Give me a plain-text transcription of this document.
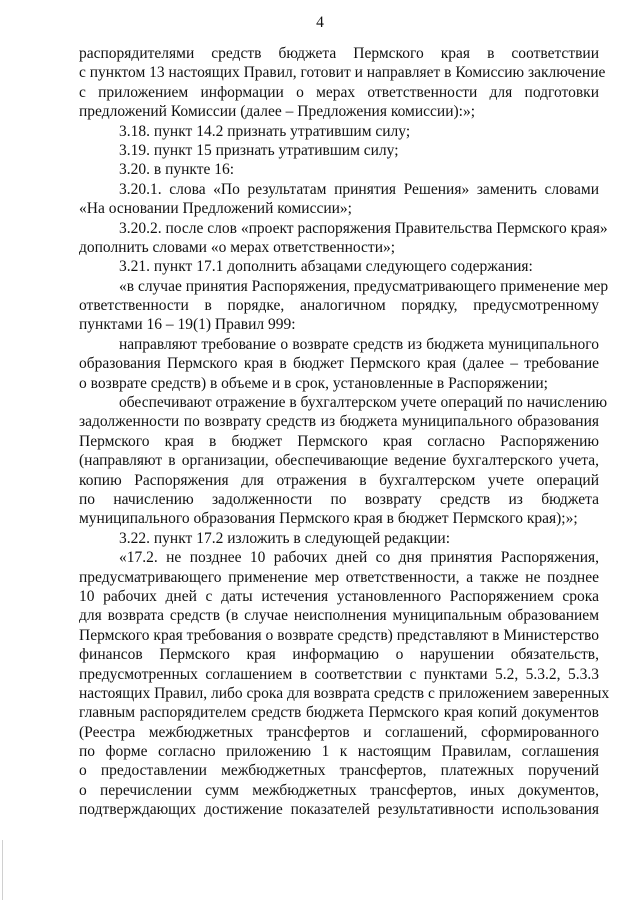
4
распорядителями средств бюджета Пермского края в соответствии
с пунктом 13 настоящих Правил, готовит и направляет в Комиссию заключение
с приложением информации о мерах ответственности для подготовки
предложений Комиссии (далее – Предложения комиссии):»;
3.18. пункт 14.2 признать утратившим силу;
3.19. пункт 15 признать утратившим силу;
3.20. в пункте 16:
3.20.1. слова «По результатам принятия Решения» заменить словами
«На основании Предложений комиссии»;
3.20.2. после слов «проект распоряжения Правительства Пермского края»
дополнить словами «о мерах ответственности»;
3.21. пункт 17.1 дополнить абзацами следующего содержания:
«в случае принятия Распоряжения, предусматривающего применение мер
ответственности в порядке, аналогичном порядку, предусмотренному
пунктами 16 – 19(1) Правил 999:
направляют требование о возврате средств из бюджета муниципального
образования Пермского края в бюджет Пермского края (далее – требование
о возврате средств) в объеме и в срок, установленные в Распоряжении;
обеспечивают отражение в бухгалтерском учете операций по начислению
задолженности по возврату средств из бюджета муниципального образования
Пермского края в бюджет Пермского края согласно Распоряжению
(направляют в организации, обеспечивающие ведение бухгалтерского учета,
копию Распоряжения для отражения в бухгалтерском учете операций
по начислению задолженности по возврату средств из бюджета
муниципального образования Пермского края в бюджет Пермского края);»;
3.22. пункт 17.2 изложить в следующей редакции:
«17.2. не позднее 10 рабочих дней со дня принятия Распоряжения,
предусматривающего применение мер ответственности, а также не позднее
10 рабочих дней с даты истечения установленного Распоряжением срока
для возврата средств (в случае неисполнения муниципальным образованием
Пермского края требования о возврате средств) представляют в Министерство
финансов Пермского края информацию о нарушении обязательств,
предусмотренных соглашением в соответствии с пунктами 5.2, 5.3.2, 5.3.3
настоящих Правил, либо срока для возврата средств с приложением заверенных
главным распорядителем средств бюджета Пермского края копий документов
(Реестра межбюджетных трансфертов и соглашений, сформированного
по форме согласно приложению 1 к настоящим Правилам, соглашения
о предоставлении межбюджетных трансфертов, платежных поручений
о перечислении сумм межбюджетных трансфертов, иных документов,
подтверждающих достижение показателей результативности использования
